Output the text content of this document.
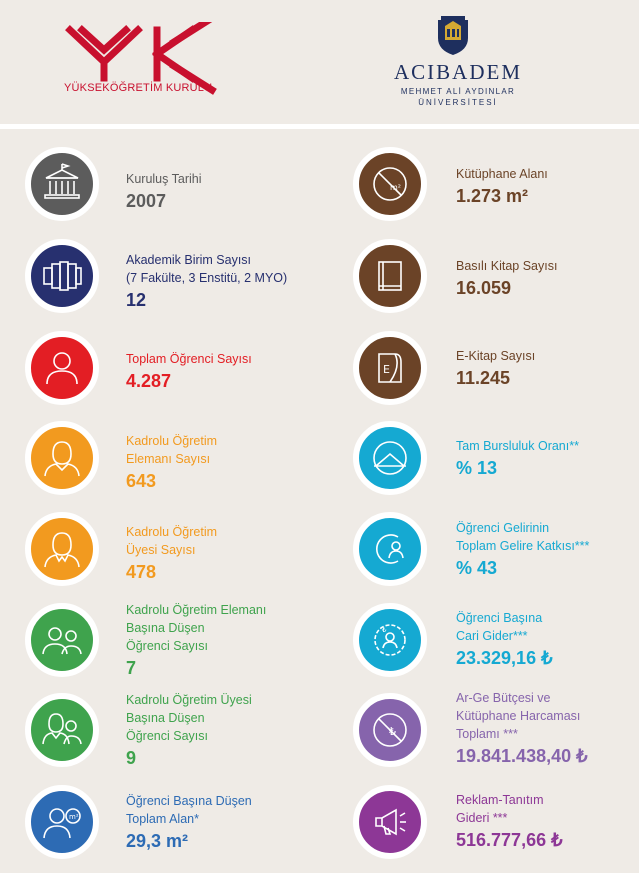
YÜKSEKÖĞRETİM KURULU
ACIBADEM
MEHMET ALİ AYDINLAR
ÜNİVERSİTESİ
Kuruluş Tarihi
2007
Akademik Birim Sayısı
(7 Fakülte, 3 Enstitü, 2 MYO)
12
Toplam Öğrenci Sayısı
4.287
Kadrolu Öğretim
Elemanı Sayısı
643
Kadrolu Öğretim
Üyesi Sayısı
478
Kadrolu Öğretim Elemanı
Başına Düşen
Öğrenci Sayısı
7
Kadrolu Öğretim Üyesi
Başına Düşen
Öğrenci Sayısı
9
m²
Öğrenci Başına Düşen
Toplam Alan*
29,3 m²
m²
Kütüphane Alanı
1.273 m²
Basılı Kitap Sayısı
16.059
E
E-Kitap Sayısı
11.245
Tam Bursluluk Oranı**
% 13
Öğrenci Gelirinin
Toplam Gelire Katkısı***
% 43
₺
Öğrenci Başına
Cari Gider***
23.329,16 ₺
₺
Ar-Ge Bütçesi ve
Kütüphane Harcaması
Toplamı ***
19.841.438,40 ₺
Reklam-Tanıtım
Gideri ***
516.777,66 ₺
